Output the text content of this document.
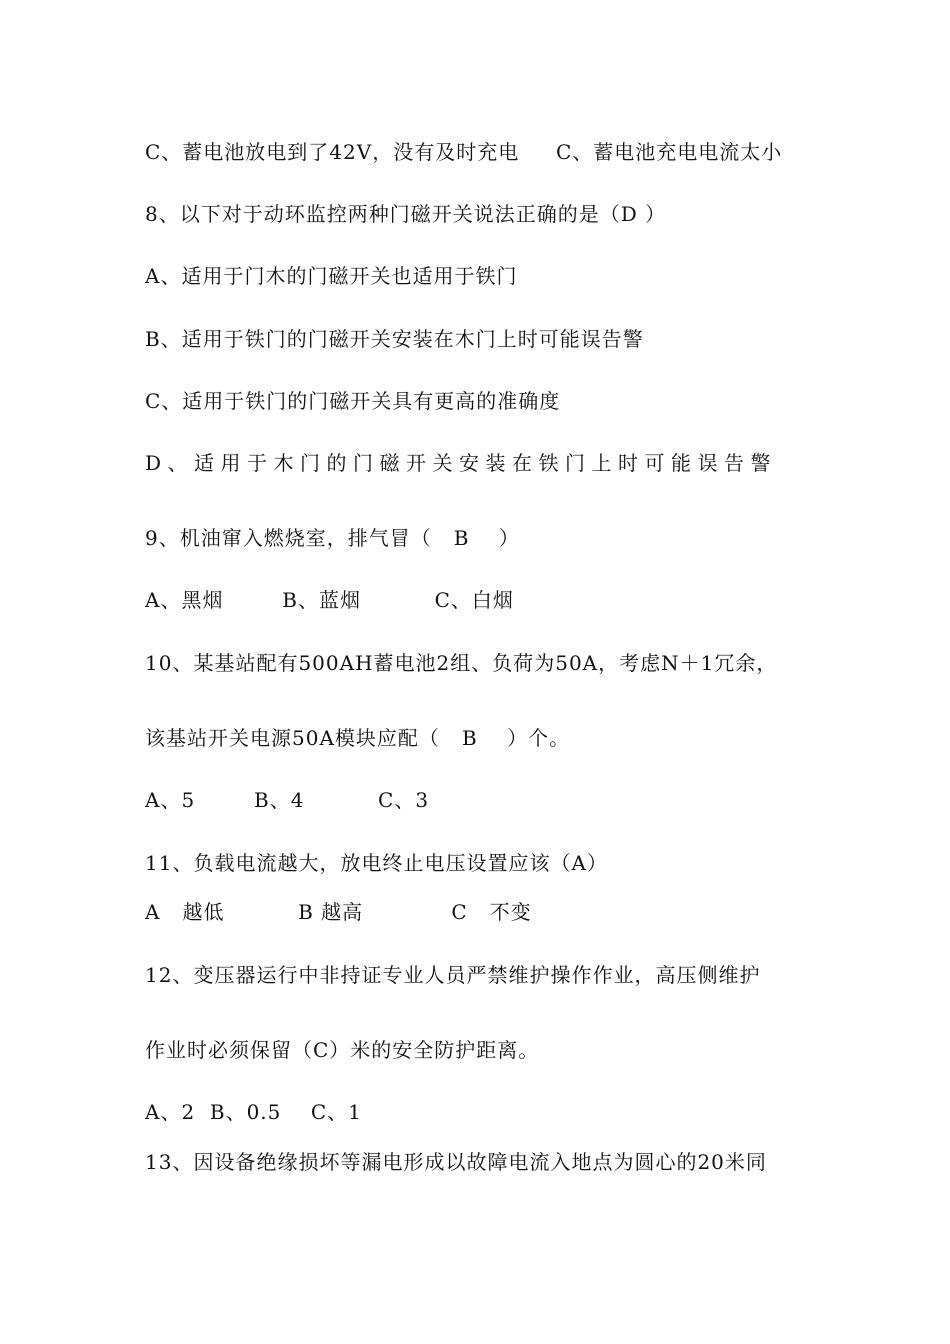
C、蓄电池放电到了42V，没有及时充电     C、蓄电池充电电流太小
8、以下对于动环监控两种门磁开关说法正确的是（D ）
A、适用于门木的门磁开关也适用于铁门
B、适用于铁门的门磁开关安装在木门上时可能误告警
C、适用于铁门的门磁开关具有更高的准确度
D、适用于木门的门磁开关安装在铁门上时可能误告警
9、机油窜入燃烧室，排气冒（   B    ）
A、黑烟        B、蓝烟          C、白烟
10、某基站配有500AH蓄电池2组、负荷为50A，考虑N＋1冗余，
该基站开关电源50A模块应配（   B    ）个。
A、5        B、4          C、3
11、负载电流越大，放电终止电压设置应该（A）
A   越低          B 越高            C   不变
12、变压器运行中非持证专业人员严禁维护操作作业，高压侧维护
作业时必须保留（C）米的安全防护距离。
A、2  B、0.5    C、1
13、因设备绝缘损坏等漏电形成以故障电流入地点为圆心的20米同
